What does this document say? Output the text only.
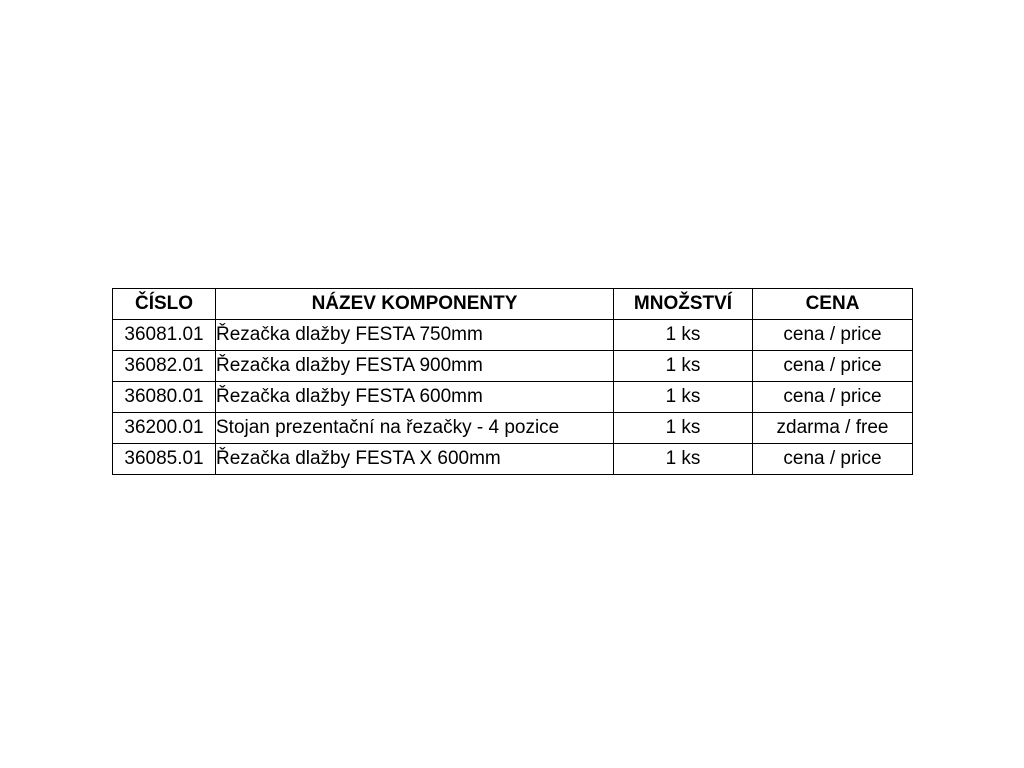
ČÍSLO	NÁZEV KOMPONENTY	MNOŽSTVÍ	CENA
36081.01	Řezačka dlažby FESTA 750mm	1 ks	cena / price
36082.01	Řezačka dlažby FESTA 900mm	1 ks	cena / price
36080.01	Řezačka dlažby FESTA 600mm	1 ks	cena / price
36200.01	Stojan prezentační na řezačky - 4 pozice	1 ks	zdarma / free
36085.01	Řezačka dlažby FESTA X 600mm	1 ks	cena / price
